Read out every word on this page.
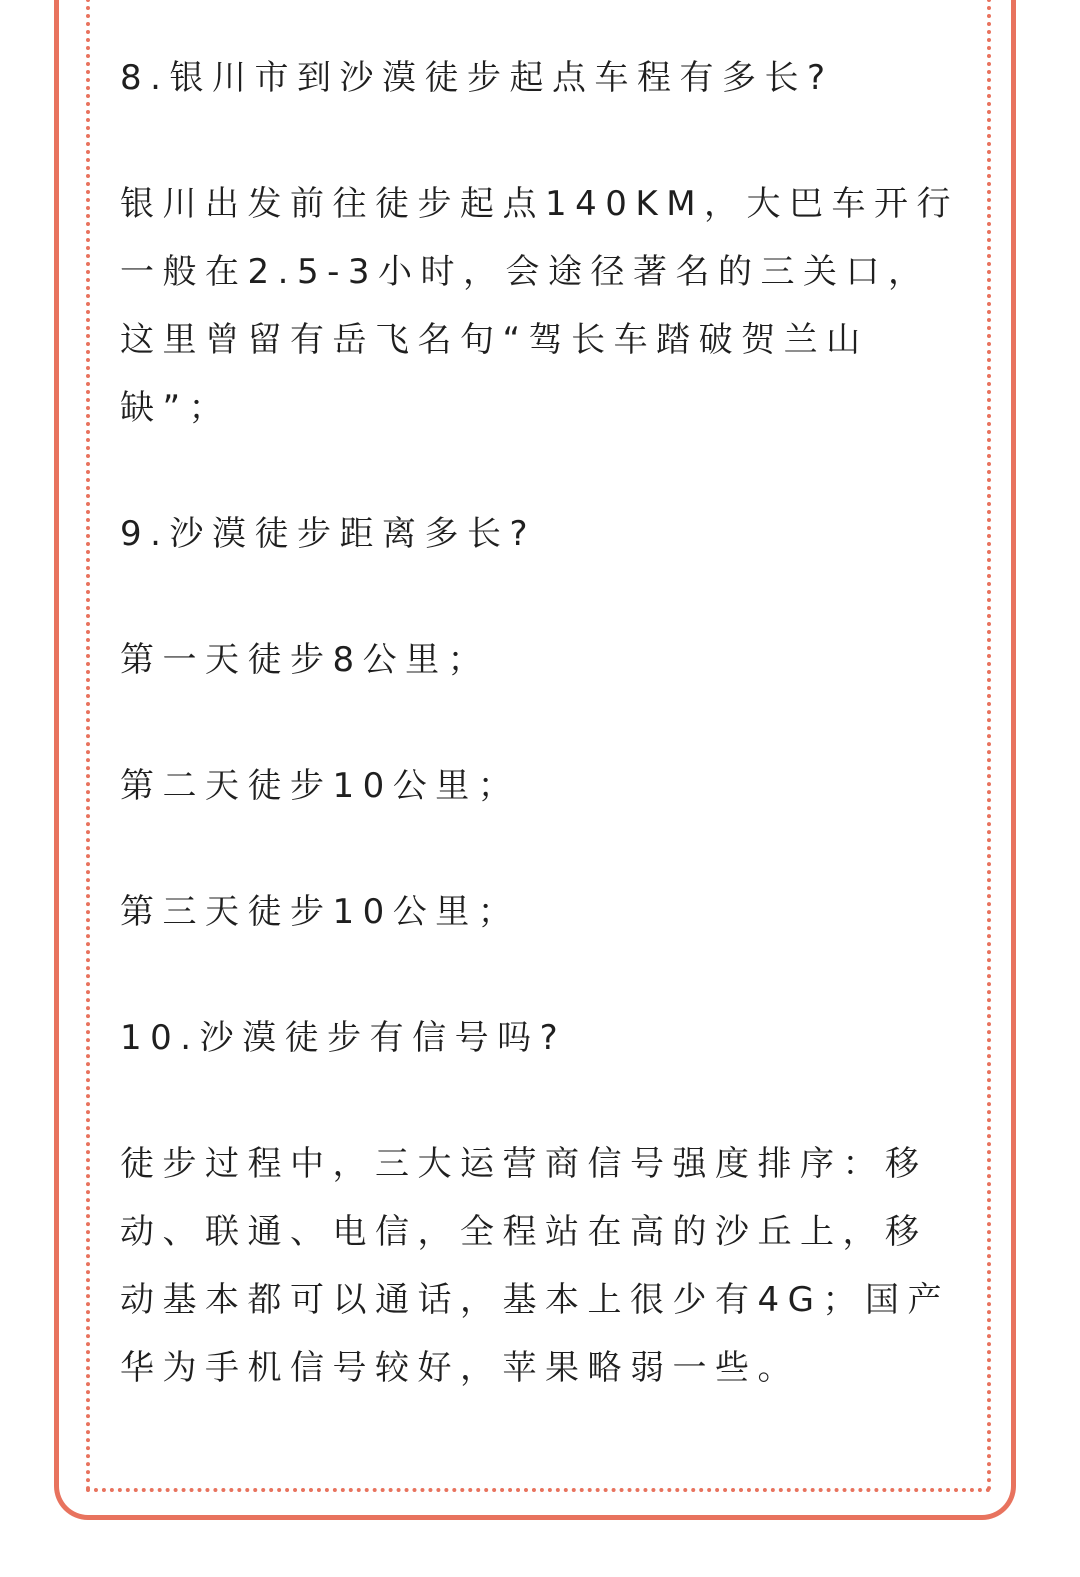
8.银川市到沙漠徒步起点车程有多长?

银川出发前往徒步起点140KM，大巴车开行一般在2.5-3小时，会途径著名的三关口，这里曾留有岳飞名句“驾长车踏破贺兰山缺”；

9.沙漠徒步距离多长?

第一天徒步8公里；

第二天徒步10公里；

第三天徒步10公里；

10.沙漠徒步有信号吗?

徒步过程中，三大运营商信号强度排序：移动、联通、电信，全程站在高的沙丘上，移动基本都可以通话，基本上很少有4G；国产华为手机信号较好，苹果略弱一些。
